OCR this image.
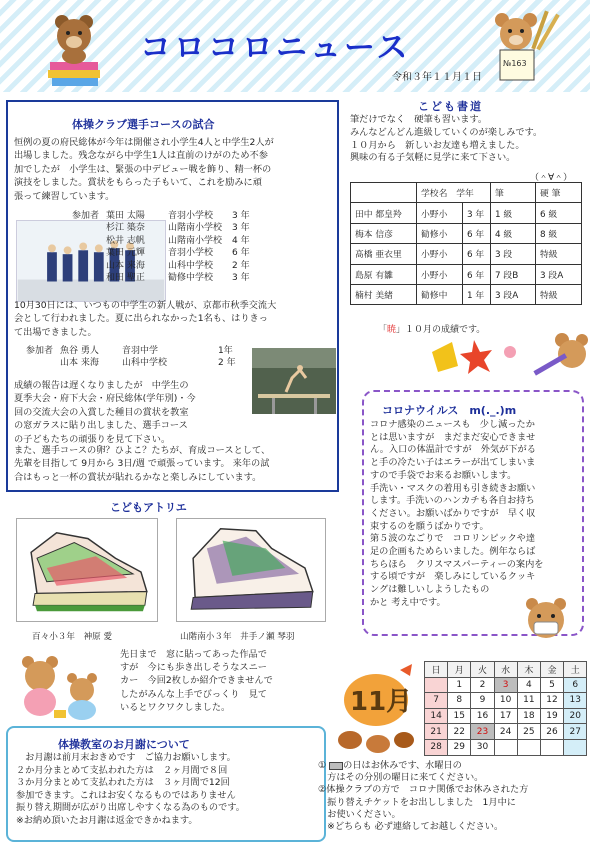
コロコロニュース
令和３年１１月１日
№163
体操クラブ選手コースの試合
恒例の夏の府民総体が今年は開催され小学生4人と中学生2人が
出場しました。残念ながら中学生1人は直前のけがのため不参
加でしたが　小学生は、緊張の中デビュー戦を飾り、精一杯の
演技をしました。賞状をもらった子もいて、これを励みに頑
張って練習しています。
参加者 葉田 太陽	音羽小学校 3 年
杉江 築奈	山階南小学校 3 年
松井 志帆	山階南小学校 4 年
葉田 元輝	音羽小学校 6 年
山本 来海	山科中学校 2 年
和田 聖正	勧修中学校 3 年
10月30日には、いつもの中学生の新人戦が、京都市秋季交流大
会として行われました。夏に出られなかった1名も、はりきっ
て出場できました。
参加者 魚谷 勇人	音羽中学	1年
山本 来海	山科中学校	2 年
成績の報告は遅くなりましたが　中学生の
夏季大会・府下大会・府民総体(学年別)・今
回の交流大会の入賞した種目の賞状を教室
の窓ガラスに貼り出しました、選手コース
の子どもたちの頑張りを見て下さい。
また、選手コースの卵？ひよこ？たちが、育成コースとして、
先輩を目指して 9月から 3日/週 で頑張っています。 来年の試
合はもっと一杯の賞状が貼れるかなと楽しみにしています。
こどもアトリエ
百々小３年　神原 愛	山階南小３年　井手ノ瀬 琴羽
先日まで　窓に貼ってあった作品で
すが　今にも歩き出しそうなスニー
カー　今回2枚しか紹介できませんで
したがみんな上手でびっくり　見て
いるとワクワクしました。
体操教室のお月謝について
　お月謝は前月末おきめです　ご協力お願いします。
２か月分まとめて支払われた方は　２ヶ月間で８回
３か月分まとめて支払われた方は　３ヶ月間で12回
参加できます。これはお安くなるものではありません
振り替え期間が広がり出席しやすくなる為のものです。
※お納め頂いたお月謝は返金できかねます。
こども書道
筆だけでなく　硬筆も習います。
みんなどんどん進級していくのが楽しみです。
１０月から　新しいお友達も増えました。
興味の有る子気軽に見学に来て下さい。
（＾∀＾）
	学校名　学年		筆	硬 筆
田中 都皇羚	小野小	3 年	1 級	6 級
梅本 信彦	勧修小	6 年	4 級	8 級
髙橋 亜衣里	小野小	6 年	3 段	特級
島原 有雛	小野小	6 年	7 段B	3 段A
楠村 美緒	勧修中	1 年	3 段A	特級
「暁」１０月の成績です。
コロナウイルス　m(._.)m
コロナ感染のニュースも　少し減ったか
とは思いますが　まだまだ安心できませ
ん。入口の体温計ですが　外気が下がる
と手の冷たい子はエラーが出てしまいま
すので手袋でお来るお願いします。
手洗い・マスクの着用も引き続きお願い
します。手洗いのハンカチも各自お持ち
ください。お願いばかりですが　早く収
束するのを願うばかりです。
第５波のなごりで　コロリンピックや達
足の企画もためらいました。例年ならば
ちらほら　クリスマスパーティーの案内を
する頃ですが　楽しみにしているクッキ
ングは難しいしようしたもの
かと 考え中です。
11月
日	月	火	水	木	金	土
	1	2	3	4	5	6
7	8	9	10	11	12	13
14	15	16	17	18	19	20
21	22	23	24	25	26	27
28	29	30				
① の日はお休みです、水曜日の
　方はその分別の曜日に来てください。
②体操クラブの方で　コロナ関係でお休みされた方
　振り替えチケットをお出ししました　1月中に
　お使いください。
　※どちらも 必ず連絡してお越しください。
